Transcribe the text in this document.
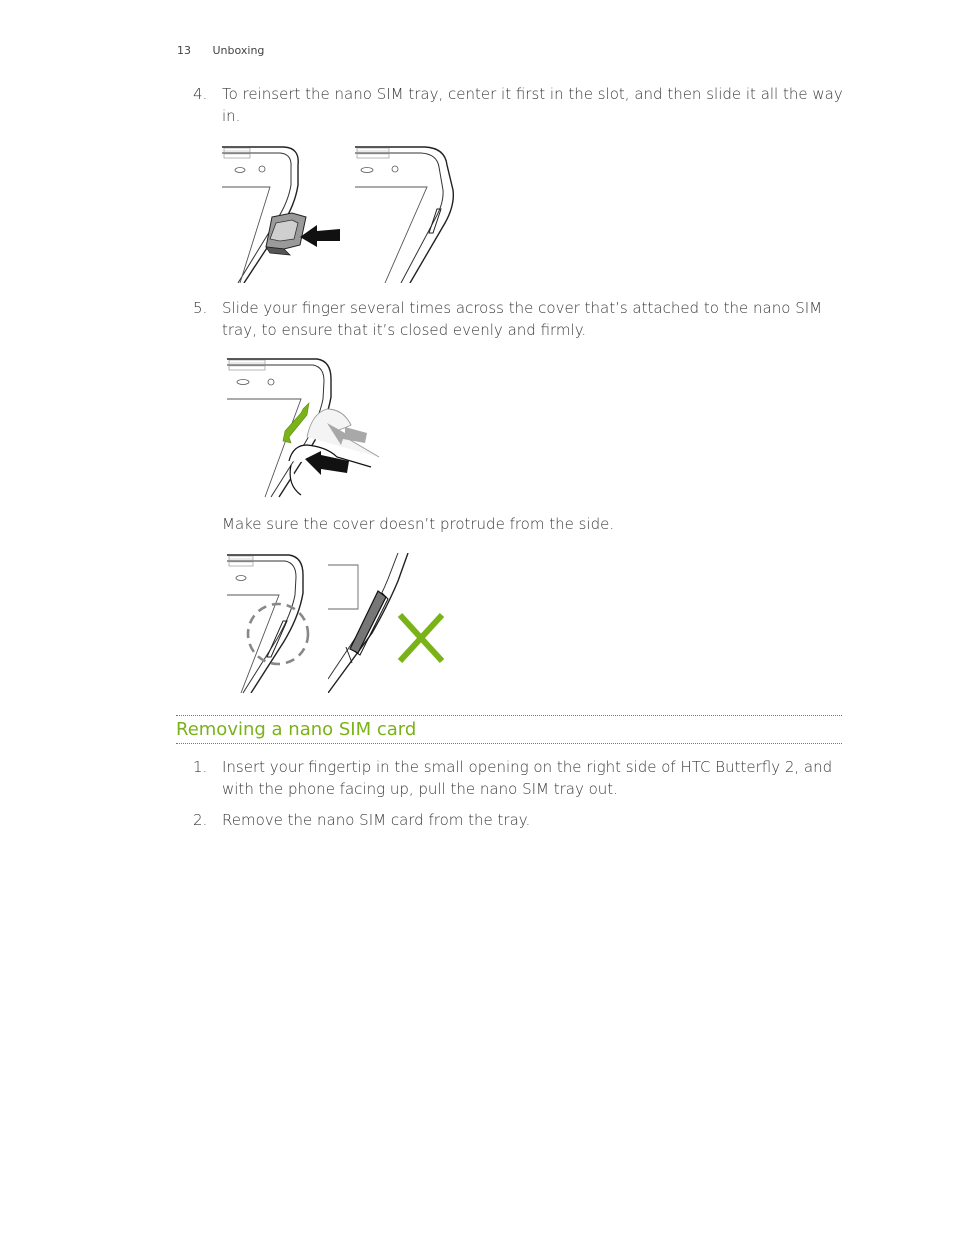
13 Unboxing
4. To reinsert the nano SIM tray, center it first in the slot, and then slide it all the way in.
5. Slide your finger several times across the cover that’s attached to the nano SIM tray, to ensure that it’s closed evenly and firmly.
Make sure the cover doesn’t protrude from the side.
Removing a nano SIM card
1. Insert your fingertip in the small opening on the right side of HTC Butterfly 2, and with the phone facing up, pull the nano SIM tray out.
2. Remove the nano SIM card from the tray.
